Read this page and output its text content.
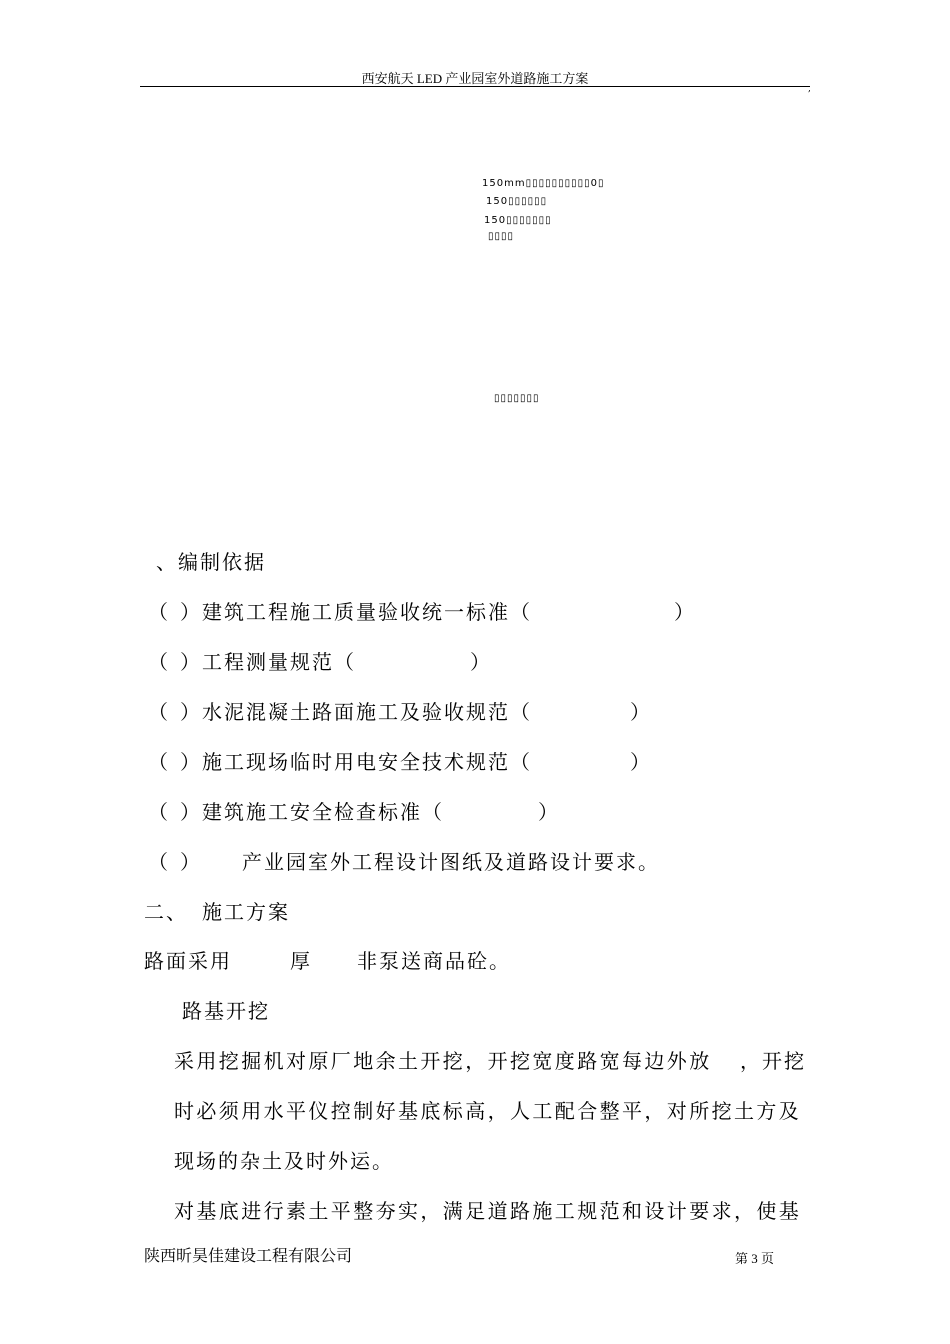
西安航天 LED 产业园室外道路施工方案
,
150mm▯▯▯▯▯▯▯▯▯▯0▯
150▯▯▯▯▯▯
150▯▯▯▯▯▯▯
▯▯▯▯
▯▯▯▯▯▯▯
、编制依据
（ ）建筑工程施工质量验收统一标准（	）
（ ）工程测量规范（	）
（ ）水泥混凝土路面施工及验收规范（	）
（ ）施工现场临时用电安全技术规范（	）
（ ）建筑施工安全检查标准（	）
（ ） 产业园室外工程设计图纸及道路设计要求。
二、 施工方案
路面采用	厚 非泵送商品砼。
路基开挖
采用挖掘机对原厂地余土开挖，开挖宽度路宽每边外放 ，开挖
时必须用水平仪控制好基底标高，人工配合整平，对所挖土方及
现场的杂土及时外运。
对基底进行素土平整夯实，满足道路施工规范和设计要求，使基
陕西昕昊佳建设工程有限公司	第 3 页
